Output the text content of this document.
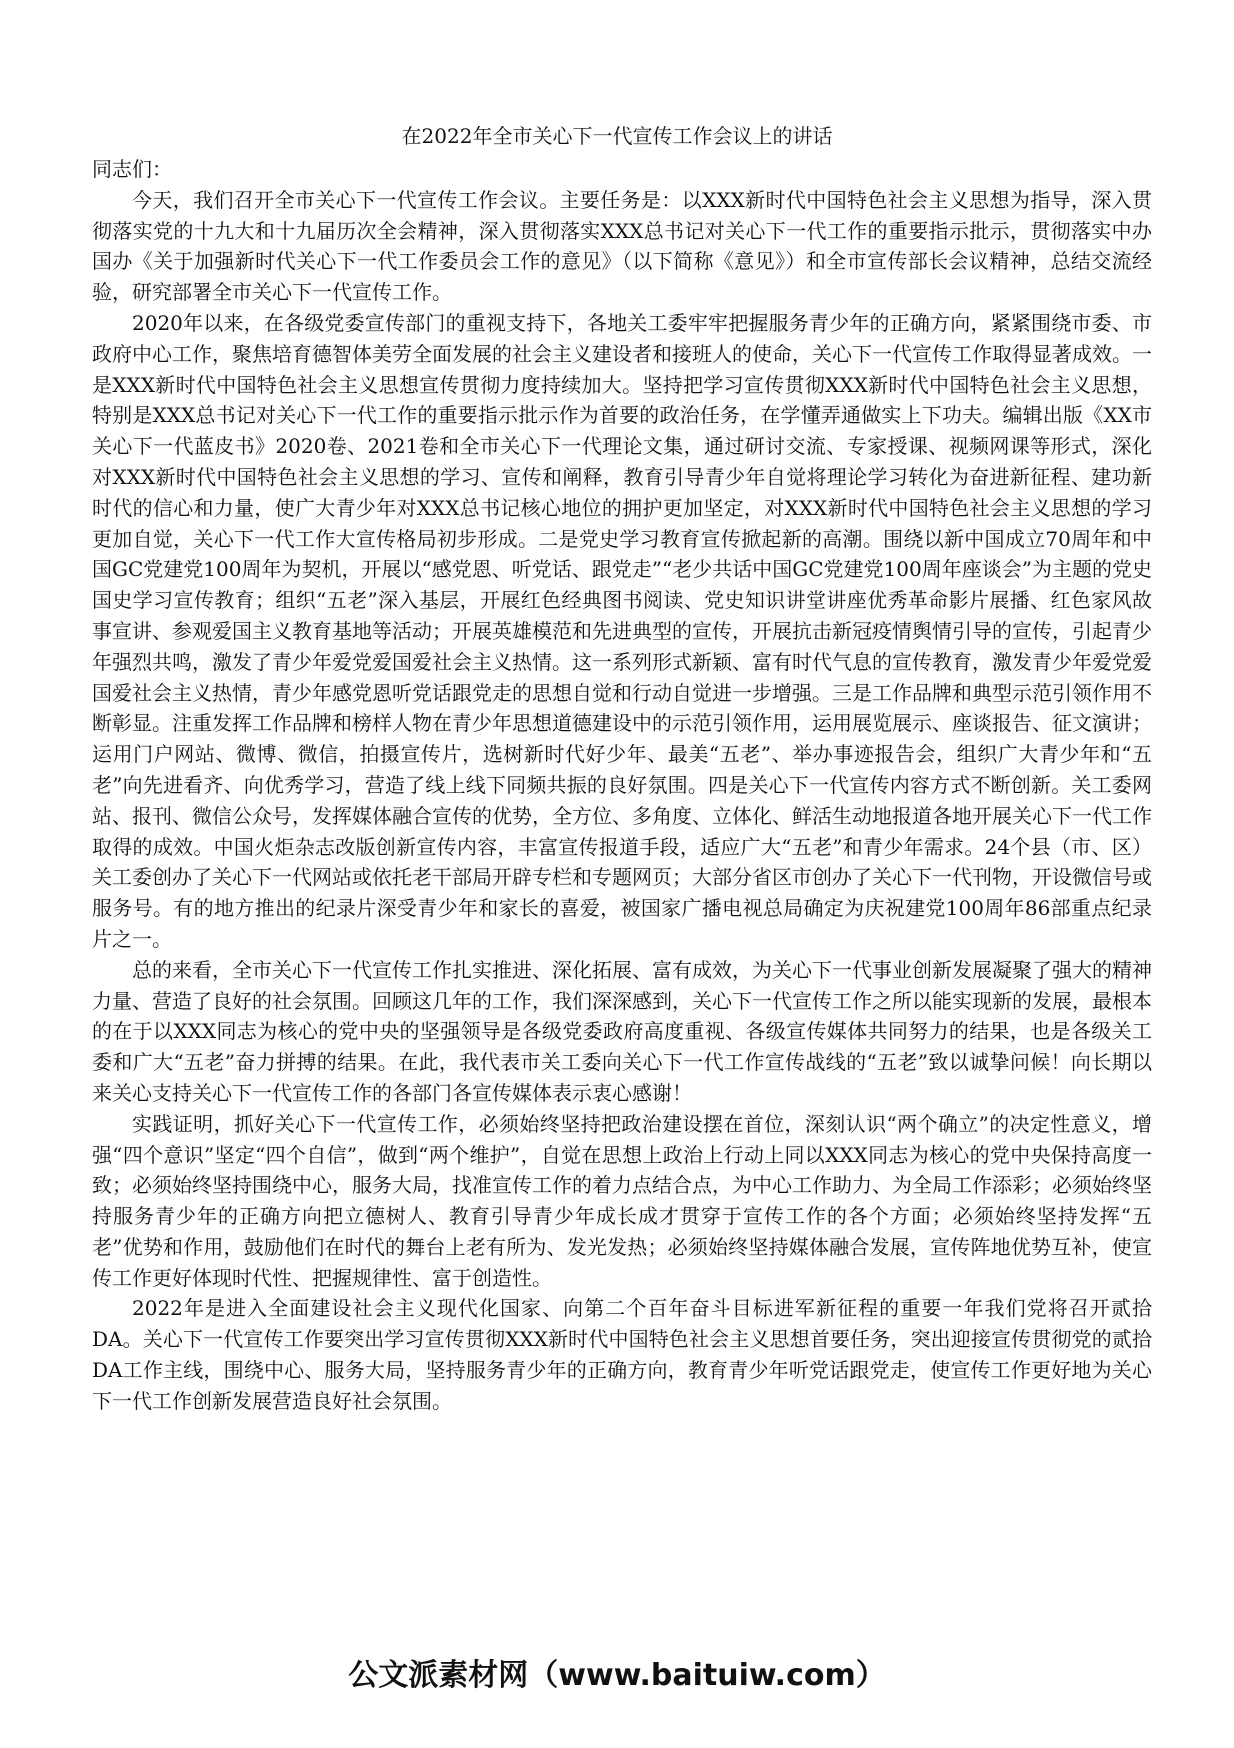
在2022年全市关心下一代宣传工作会议上的讲话

同志们：

今天，我们召开全市关心下一代宣传工作会议。主要任务是：以XXX新时代中国特色社会主义思想为指导，深入贯彻落实党的十九大和十九届历次全会精神，深入贯彻落实XXX总书记对关心下一代工作的重要指示批示，贯彻落实中办国办《关于加强新时代关心下一代工作委员会工作的意见》（以下简称《意见》）和全市宣传部长会议精神，总结交流经验，研究部署全市关心下一代宣传工作。

2020年以来，在各级党委宣传部门的重视支持下，各地关工委牢牢把握服务青少年的正确方向，紧紧围绕市委、市政府中心工作，聚焦培育德智体美劳全面发展的社会主义建设者和接班人的使命，关心下一代宣传工作取得显著成效。一是XXX新时代中国特色社会主义思想宣传贯彻力度持续加大。坚持把学习宣传贯彻XXX新时代中国特色社会主义思想，特别是XXX总书记对关心下一代工作的重要指示批示作为首要的政治任务，在学懂弄通做实上下功夫。编辑出版《XX市关心下一代蓝皮书》2020卷、2021卷和全市关心下一代理论文集，通过研讨交流、专家授课、视频网课等形式，深化对XXX新时代中国特色社会主义思想的学习、宣传和阐释，教育引导青少年自觉将理论学习转化为奋进新征程、建功新时代的信心和力量，使广大青少年对XXX总书记核心地位的拥护更加坚定，对XXX新时代中国特色社会主义思想的学习更加自觉，关心下一代工作大宣传格局初步形成。二是党史学习教育宣传掀起新的高潮。围绕以新中国成立70周年和中国GC党建党100周年为契机，开展以“感党恩、听党话、跟党走”“老少共话中国GC党建党100周年座谈会”为主题的党史国史学习宣传教育；组织“五老”深入基层，开展红色经典图书阅读、党史知识讲堂讲座优秀革命影片展播、红色家风故事宣讲、参观爱国主义教育基地等活动；开展英雄模范和先进典型的宣传，开展抗击新冠疫情舆情引导的宣传，引起青少年强烈共鸣，激发了青少年爱党爱国爱社会主义热情。这一系列形式新颖、富有时代气息的宣传教育，激发青少年爱党爱国爱社会主义热情，青少年感党恩听党话跟党走的思想自觉和行动自觉进一步增强。三是工作品牌和典型示范引领作用不断彰显。注重发挥工作品牌和榜样人物在青少年思想道德建设中的示范引领作用，运用展览展示、座谈报告、征文演讲；运用门户网站、微博、微信，拍摄宣传片，选树新时代好少年、最美“五老”、举办事迹报告会，组织广大青少年和“五老”向先进看齐、向优秀学习，营造了线上线下同频共振的良好氛围。四是关心下一代宣传内容方式不断创新。关工委网站、报刊、微信公众号，发挥媒体融合宣传的优势，全方位、多角度、立体化、鲜活生动地报道各地开展关心下一代工作取得的成效。中国火炬杂志改版创新宣传内容，丰富宣传报道手段，适应广大“五老”和青少年需求。24个县（市、区）关工委创办了关心下一代网站或依托老干部局开辟专栏和专题网页；大部分省区市创办了关心下一代刊物，开设微信号或服务号。有的地方推出的纪录片深受青少年和家长的喜爱，被国家广播电视总局确定为庆祝建党100周年86部重点纪录片之一。

总的来看，全市关心下一代宣传工作扎实推进、深化拓展、富有成效，为关心下一代事业创新发展凝聚了强大的精神力量、营造了良好的社会氛围。回顾这几年的工作，我们深深感到，关心下一代宣传工作之所以能实现新的发展，最根本的在于以XXX同志为核心的党中央的坚强领导是各级党委政府高度重视、各级宣传媒体共同努力的结果，也是各级关工委和广大“五老”奋力拼搏的结果。在此，我代表市关工委向关心下一代工作宣传战线的“五老”致以诚挚问候！向长期以来关心支持关心下一代宣传工作的各部门各宣传媒体表示衷心感谢！

实践证明，抓好关心下一代宣传工作，必须始终坚持把政治建设摆在首位，深刻认识“两个确立”的决定性意义，增强“四个意识”坚定“四个自信”，做到“两个维护”，自觉在思想上政治上行动上同以XXX同志为核心的党中央保持高度一致；必须始终坚持围绕中心，服务大局，找准宣传工作的着力点结合点，为中心工作助力、为全局工作添彩；必须始终坚持服务青少年的正确方向把立德树人、教育引导青少年成长成才贯穿于宣传工作的各个方面；必须始终坚持发挥“五老”优势和作用，鼓励他们在时代的舞台上老有所为、发光发热；必须始终坚持媒体融合发展，宣传阵地优势互补，使宣传工作更好体现时代性、把握规律性、富于创造性。

2022年是进入全面建设社会主义现代化国家、向第二个百年奋斗目标进军新征程的重要一年我们党将召开贰拾DA。关心下一代宣传工作要突出学习宣传贯彻XXX新时代中国特色社会主义思想首要任务，突出迎接宣传贯彻党的贰拾DA工作主线，围绕中心、服务大局，坚持服务青少年的正确方向，教育青少年听党话跟党走，使宣传工作更好地为关心下一代工作创新发展营造良好社会氛围。

公文派素材网（www.baituiw.com）
